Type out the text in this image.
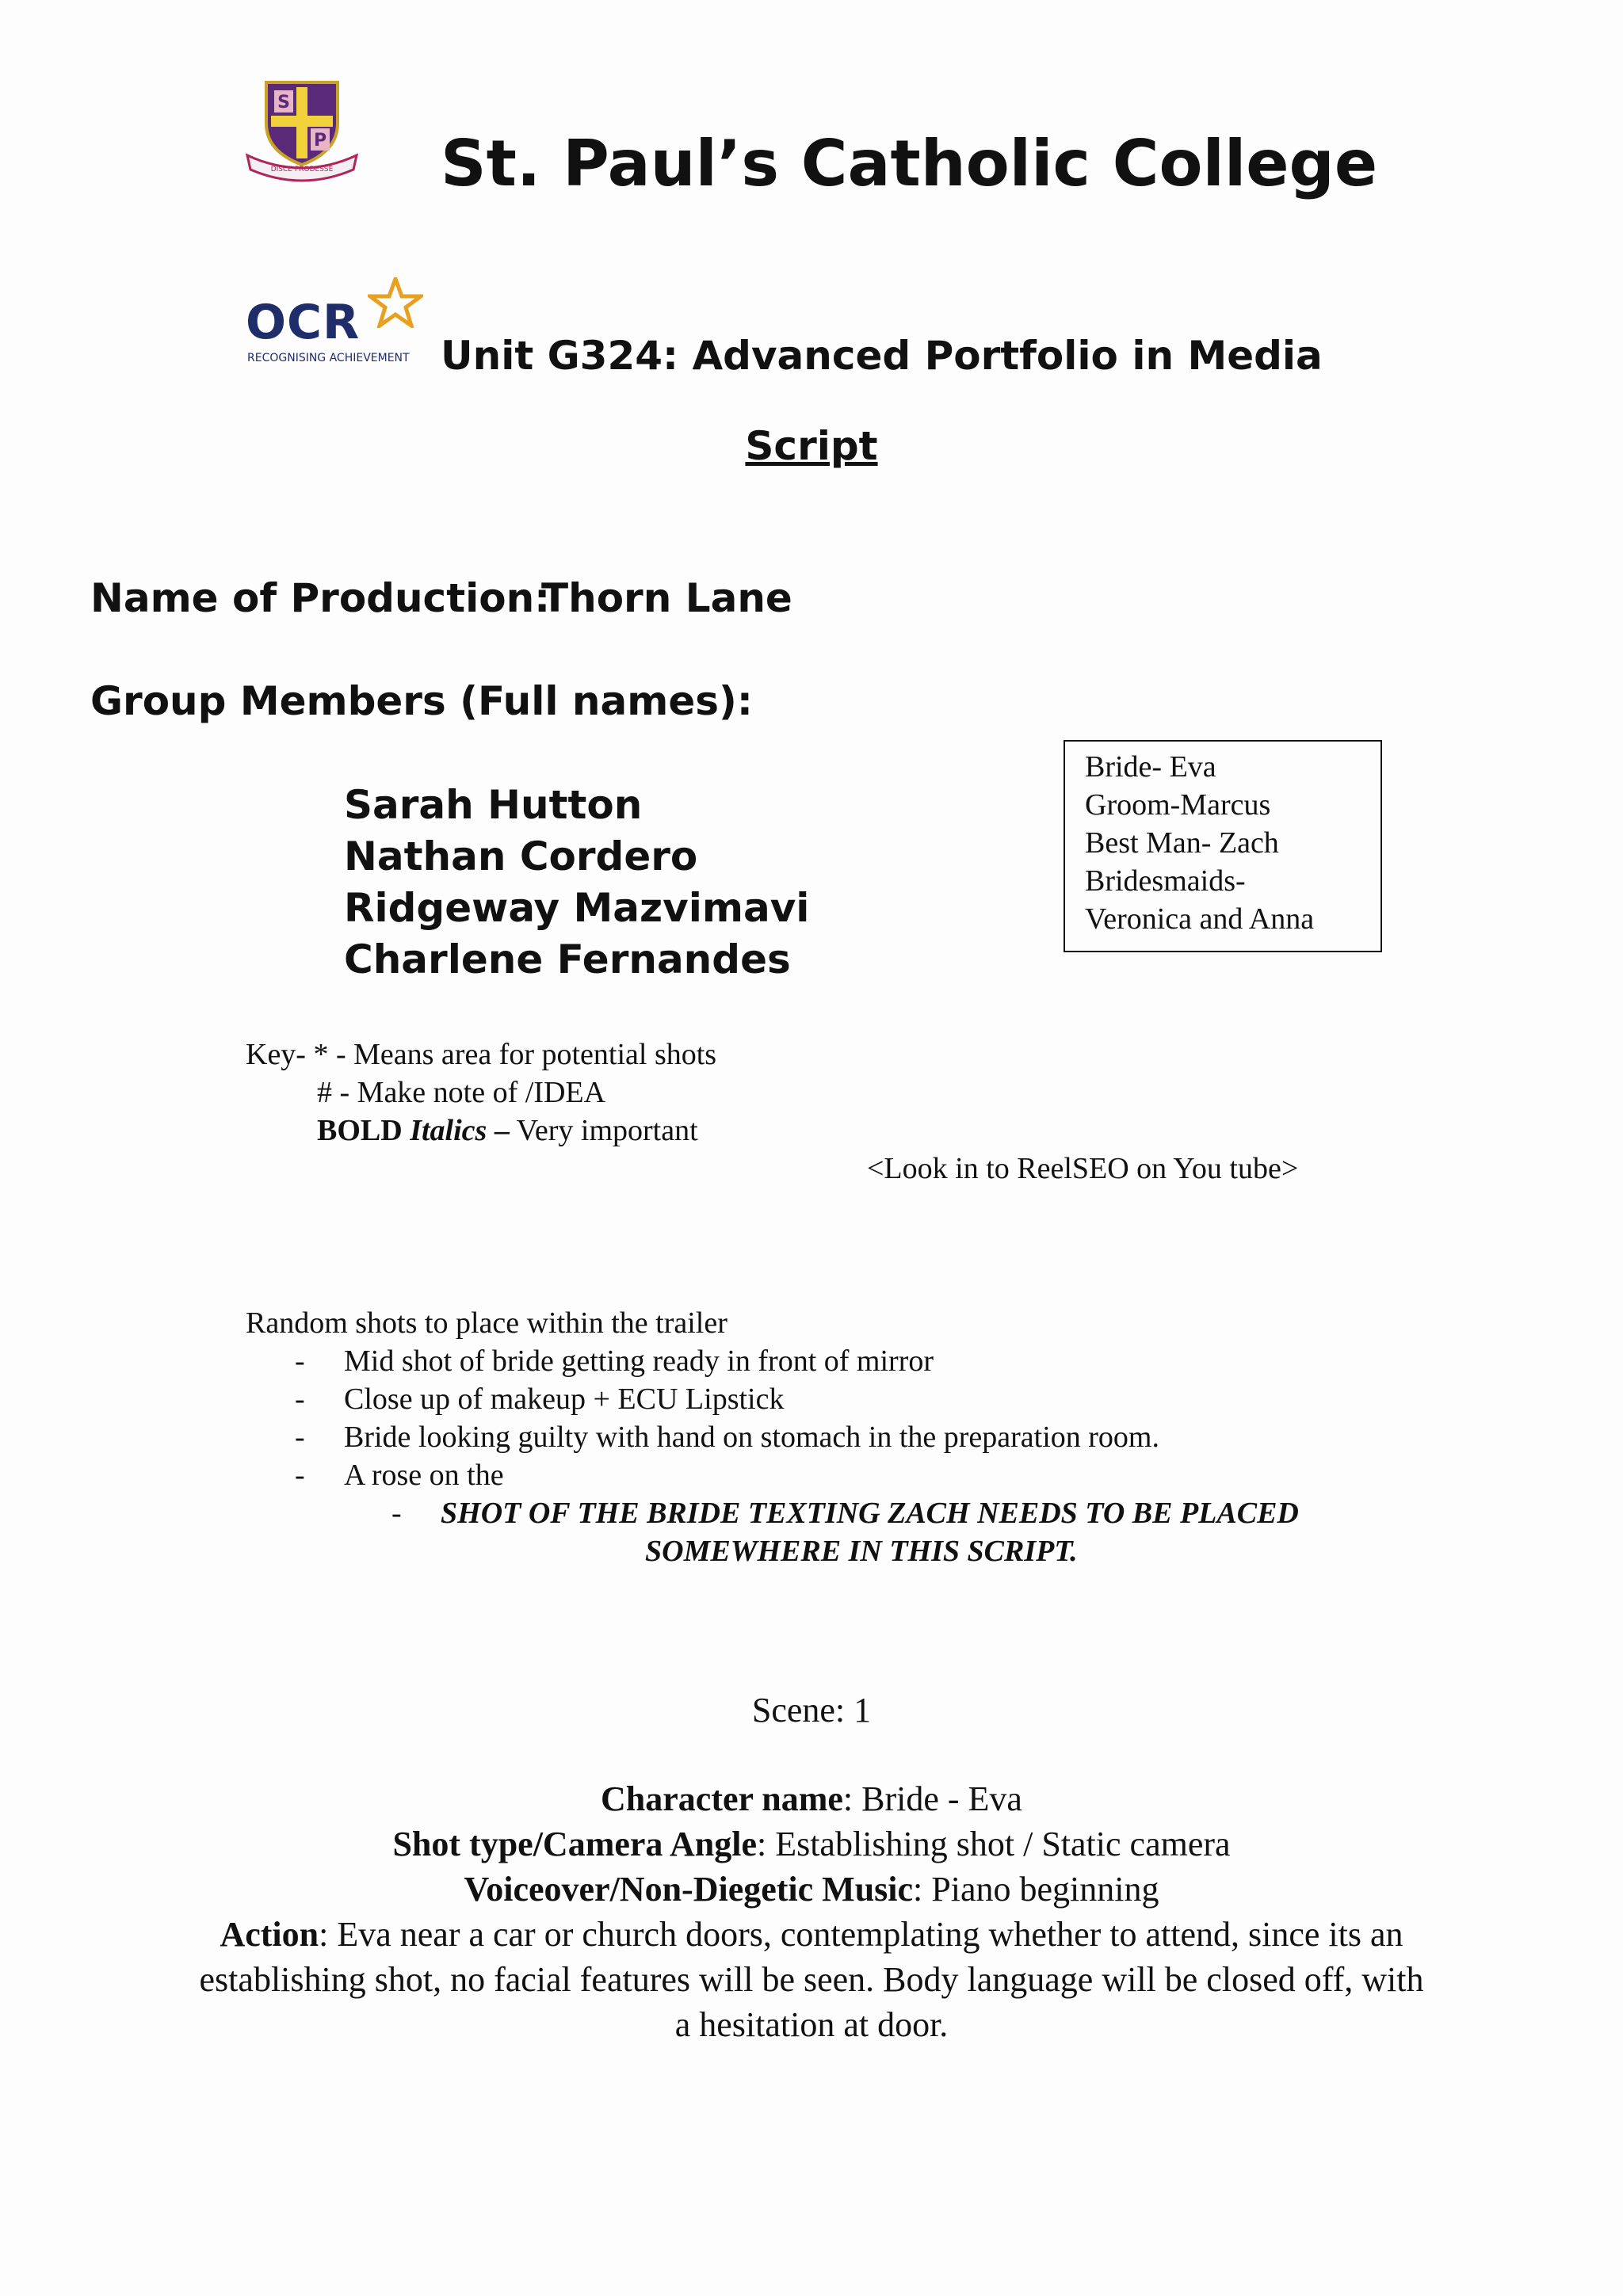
S
P
DISCE PRODESSE St. Paul’s Catholic College
OCR
RECOGNISING ACHIEVEMENT Unit G324: Advanced Portfolio in Media
Script
Name of Production:
Thorn Lane
Group Members (Full names):
Sarah Hutton
Nathan Cordero
Ridgeway Mazvimavi
Charlene Fernandes
Bride- Eva
Groom-Marcus
Best Man- Zach
Bridesmaids-
Veronica and Anna
Key- * - Means area for potential shots
# - Make note of /IDEA
BOLD Italics – Very important
<Look in to ReelSEO on You tube>
Random shots to place within the trailer
- Mid shot of bride getting ready in front of mirror
- Close up of makeup + ECU Lipstick
- Bride looking guilty with hand on stomach in the preparation room.
- A rose on the
- SHOT OF THE BRIDE TEXTING ZACH NEEDS TO BE PLACED
SOMEWHERE IN THIS SCRIPT.
Scene: 1
Character name: Bride - Eva
Shot type/Camera Angle: Establishing shot / Static camera
Voiceover/Non-Diegetic Music: Piano beginning
Action: Eva near a car or church doors, contemplating whether to attend, since its an
establishing shot, no facial features will be seen. Body language will be closed off, with
a hesitation at door.
